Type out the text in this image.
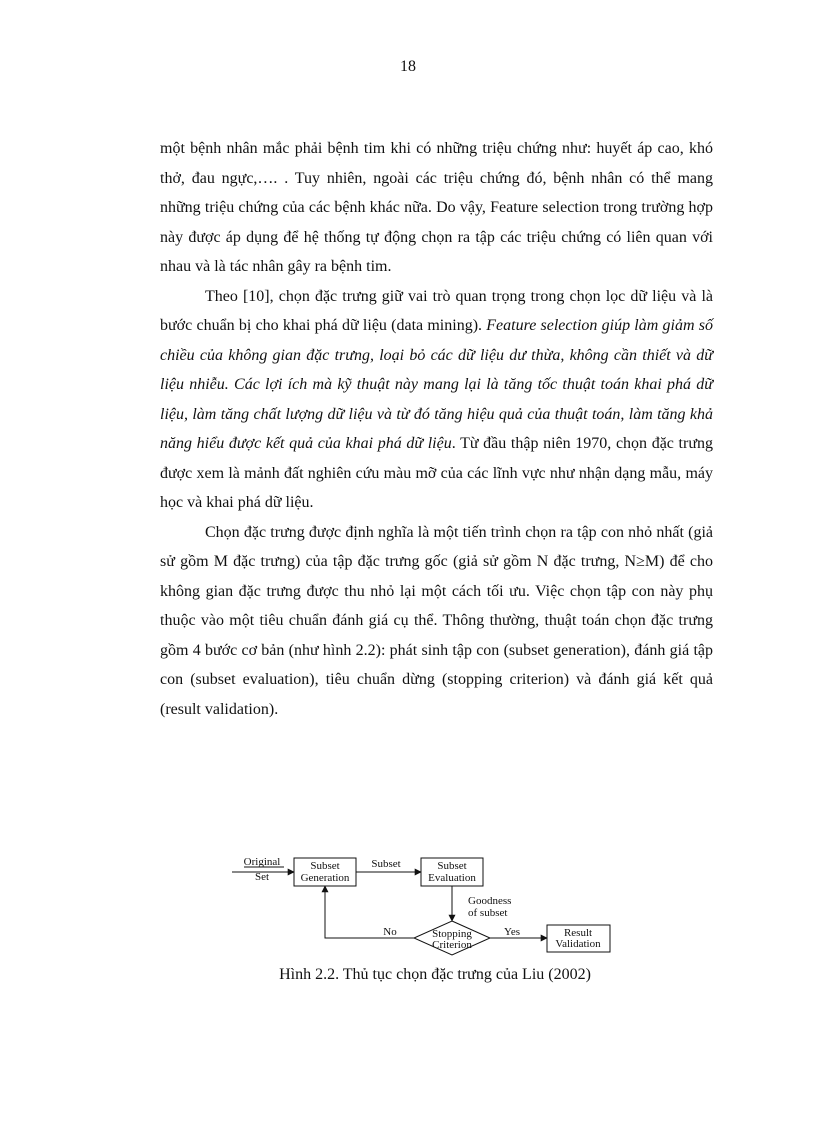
18

một bệnh nhân mắc phải bệnh tim khi có những triệu chứng như: huyết áp cao, khó thở, đau ngực,…. . Tuy nhiên, ngoài các triệu chứng đó, bệnh nhân có thể mang những triệu chứng của các bệnh khác nữa. Do vậy, Feature selection trong trường hợp này được áp dụng để hệ thống tự động chọn ra tập các triệu chứng có liên quan với nhau và là tác nhân gây ra bệnh tim.

Theo [10], chọn đặc trưng giữ vai trò quan trọng trong chọn lọc dữ liệu và là bước chuẩn bị cho khai phá dữ liệu (data mining). Feature selection giúp làm giảm số chiều của không gian đặc trưng, loại bỏ các dữ liệu dư thừa, không cần thiết và dữ liệu nhiễu. Các lợi ích mà kỹ thuật này mang lại là tăng tốc thuật toán khai phá dữ liệu, làm tăng chất lượng dữ liệu và từ đó tăng hiệu quả của thuật toán, làm tăng khả năng hiểu được kết quả của khai phá dữ liệu. Từ đầu thập niên 1970, chọn đặc trưng được xem là mảnh đất nghiên cứu màu mỡ của các lĩnh vực như nhận dạng mẫu, máy học và khai phá dữ liệu.

Chọn đặc trưng được định nghĩa là một tiến trình chọn ra tập con nhỏ nhất (giả sử gồm M đặc trưng) của tập đặc trưng gốc (giả sử gồm N đặc trưng, N≥M) để cho không gian đặc trưng được thu nhỏ lại một cách tối ưu. Việc chọn tập con này phụ thuộc vào một tiêu chuẩn đánh giá cụ thể. Thông thường, thuật toán chọn đặc trưng gồm 4 bước cơ bản (như hình 2.2): phát sinh tập con (subset generation), đánh giá tập con (subset evaluation), tiêu chuẩn dừng (stopping criterion) và đánh giá kết quả (result validation).

Original
Set
Subset
Generation
Subset	Subset
Evaluation
Goodness
of subset
Stopping
Criterion
No	Yes	Result
Validation
Hình 2.2. Thủ tục chọn đặc trưng của Liu (2002)
